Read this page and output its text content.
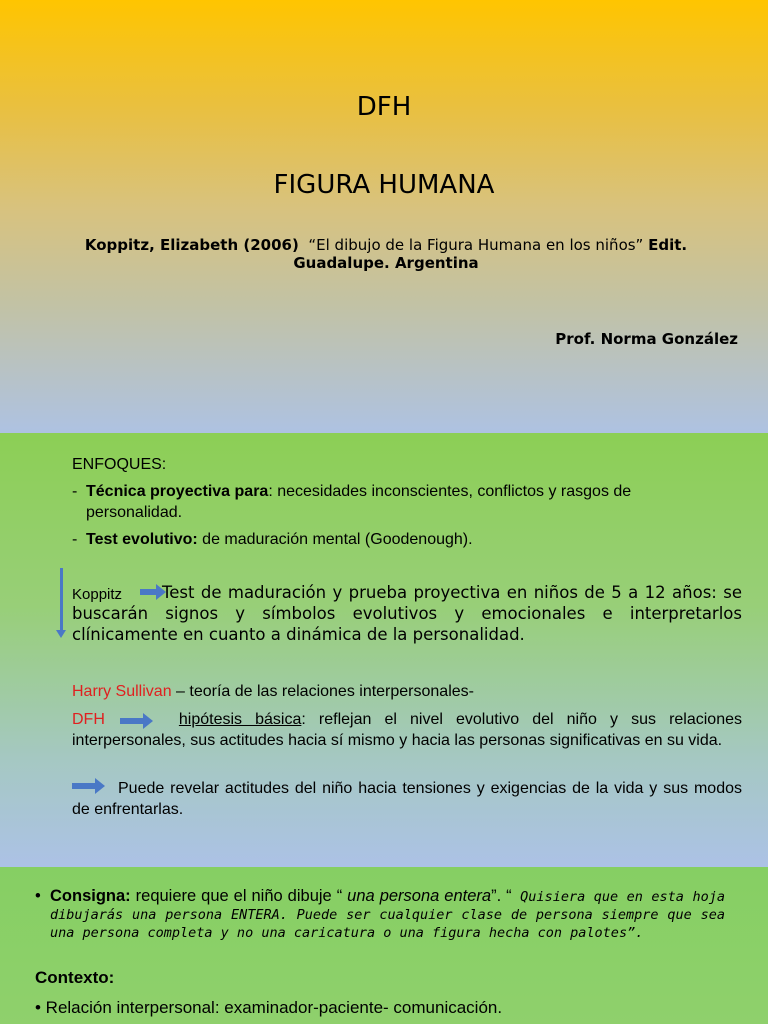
DFH
FIGURA HUMANA
Koppitz, Elizabeth (2006) “El dibujo de la Figura Humana en los niños” Edit.
Guadalupe. Argentina
Prof. Norma González
ENFOQUES:
- Técnica proyectiva para: necesidades inconscientes, conflictos y rasgos de
personalidad.
- Test evolutivo: de maduración mental (Goodenough).
Koppitz	Test de maduración y prueba proyectiva en niños de 5 a 12 años: se buscarán signos y símbolos evolutivos y emocionales e interpretarlos clínicamente en cuanto a dinámica de la personalidad.
Harry Sullivan – teoría de las relaciones interpersonales-
DFH	hipótesis básica: reflejan el nivel evolutivo del niño y sus relaciones interpersonales, sus actitudes hacia sí mismo y hacia las personas significativas en su vida.
Puede revelar actitudes del niño hacia tensiones y exigencias de la vida y sus modos de enfrentarlas.
• Consigna: requiere que el niño dibuje “ una persona entera”. “ Quisiera que en esta hoja dibujarás una persona ENTERA. Puede ser cualquier clase de persona siempre que sea una persona completa y no una caricatura o una figura hecha con palotes”.
Contexto:
• Relación interpersonal: examinador-paciente- comunicación.
